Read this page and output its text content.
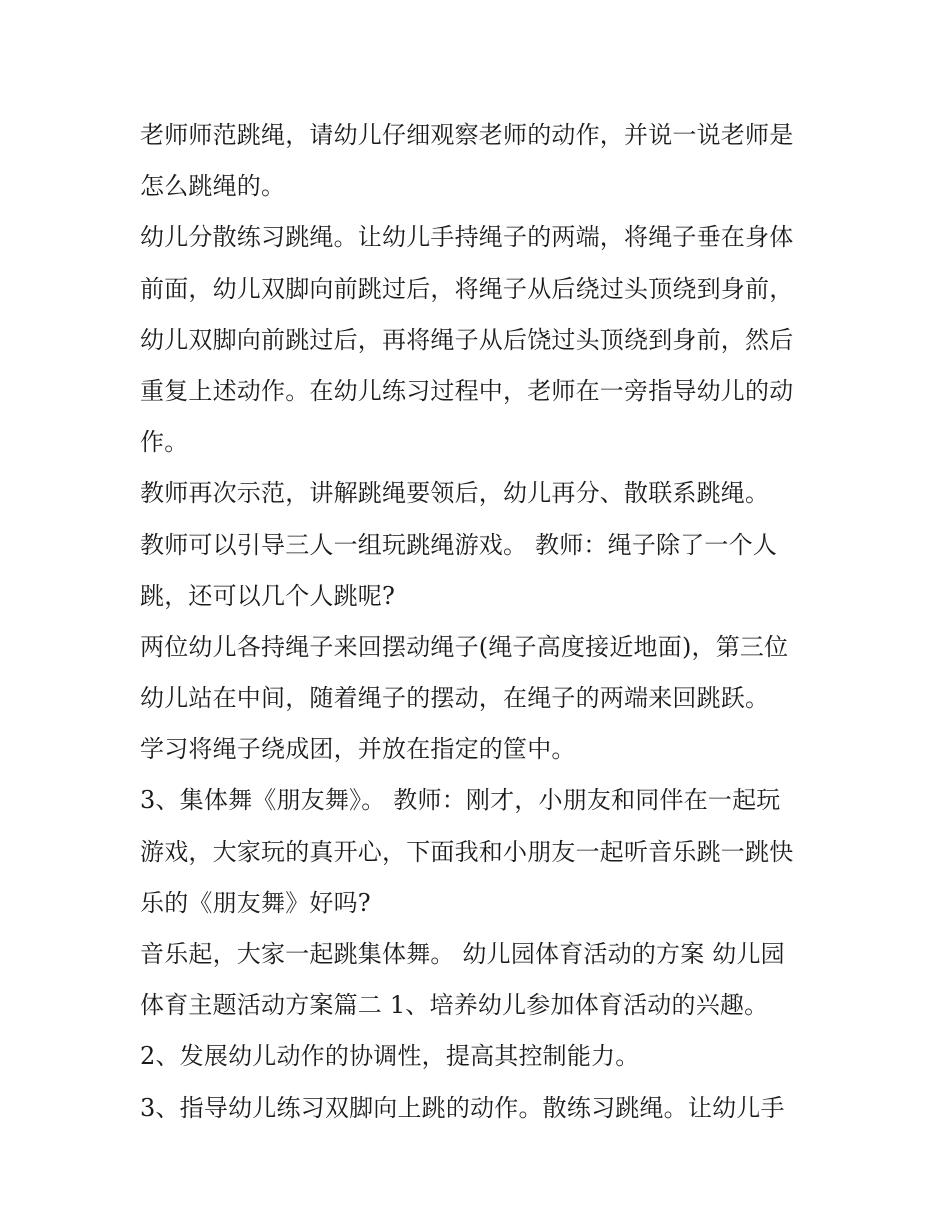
老师师范跳绳，请幼儿仔细观察老师的动作，并说一说老师是
怎么跳绳的。
幼儿分散练习跳绳。让幼儿手持绳子的两端，将绳子垂在身体
前面，幼儿双脚向前跳过后，将绳子从后绕过头顶绕到身前，
幼儿双脚向前跳过后，再将绳子从后饶过头顶绕到身前，然后
重复上述动作。在幼儿练习过程中，老师在一旁指导幼儿的动
作。
教师再次示范，讲解跳绳要领后，幼儿再分、散联系跳绳。
教师可以引导三人一组玩跳绳游戏。 教师：绳子除了一个人
跳，还可以几个人跳呢?
两位幼儿各持绳子来回摆动绳子(绳子高度接近地面)，第三位
幼儿站在中间，随着绳子的摆动，在绳子的两端来回跳跃。
学习将绳子绕成团，并放在指定的筐中。
3、集体舞《朋友舞》。 教师：刚才，小朋友和同伴在一起玩
游戏，大家玩的真开心，下面我和小朋友一起听音乐跳一跳快
乐的《朋友舞》好吗?
音乐起，大家一起跳集体舞。 幼儿园体育活动的方案 幼儿园
体育主题活动方案篇二 1、培养幼儿参加体育活动的兴趣。
2、发展幼儿动作的协调性，提高其控制能力。
3、指导幼儿练习双脚向上跳的动作。散练习跳绳。让幼儿手
